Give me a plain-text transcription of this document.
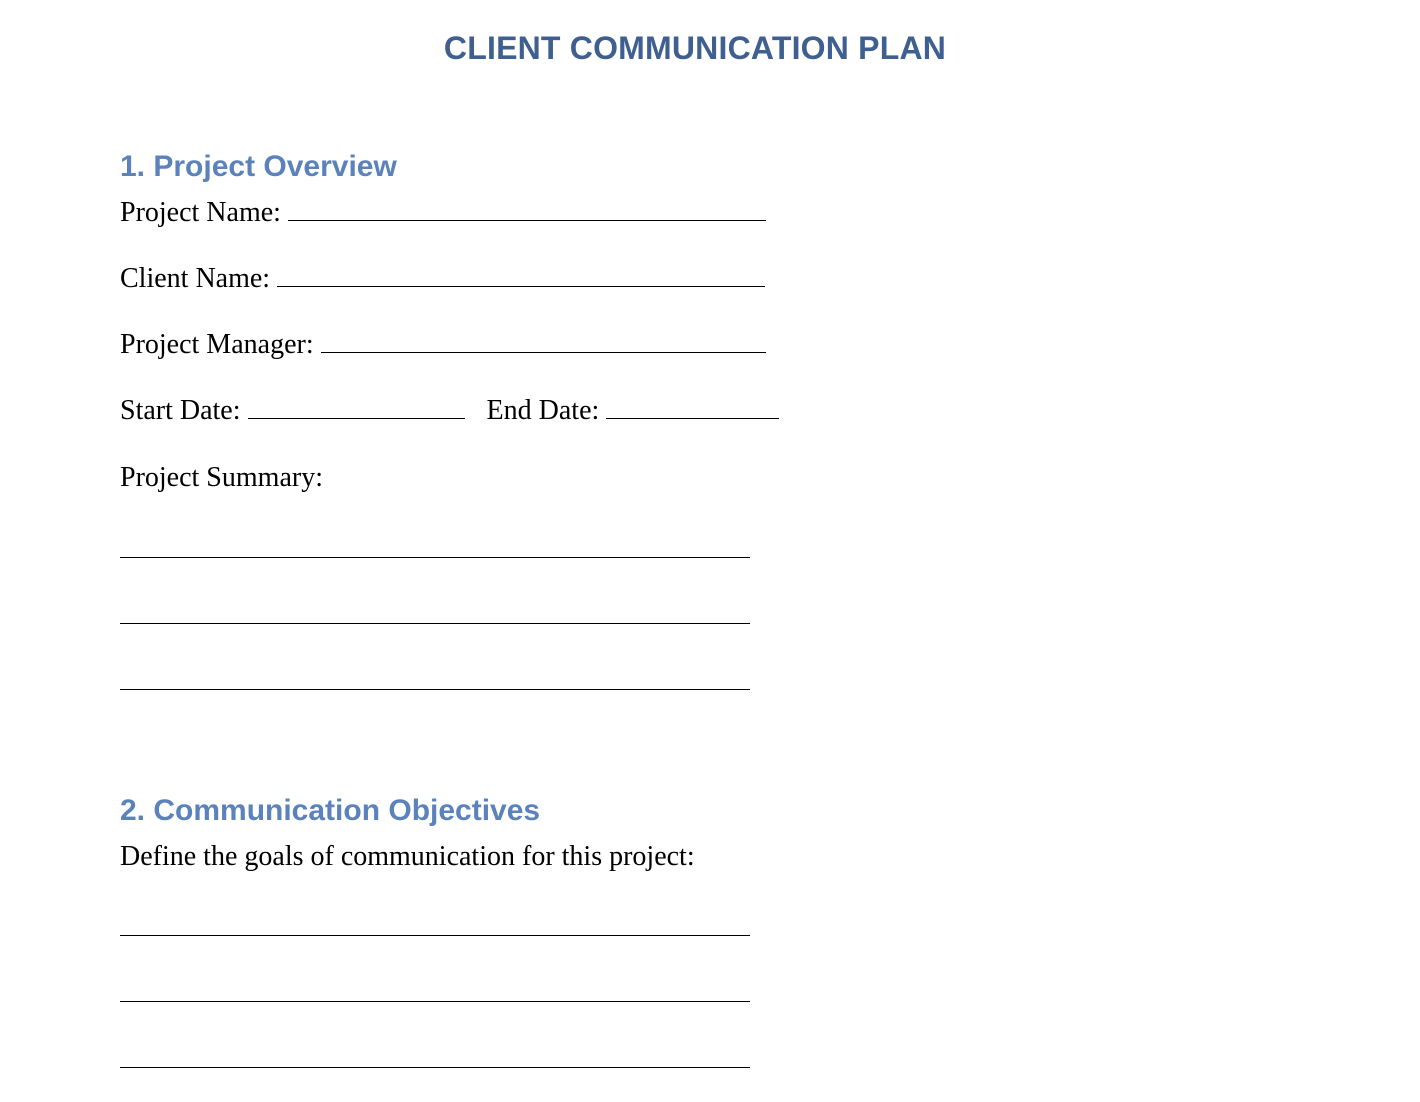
CLIENT COMMUNICATION PLAN
1. Project Overview
Project Name:
Client Name:
Project Manager:
Start Date:	End Date:
Project Summary:
2. Communication Objectives
Define the goals of communication for this project:
